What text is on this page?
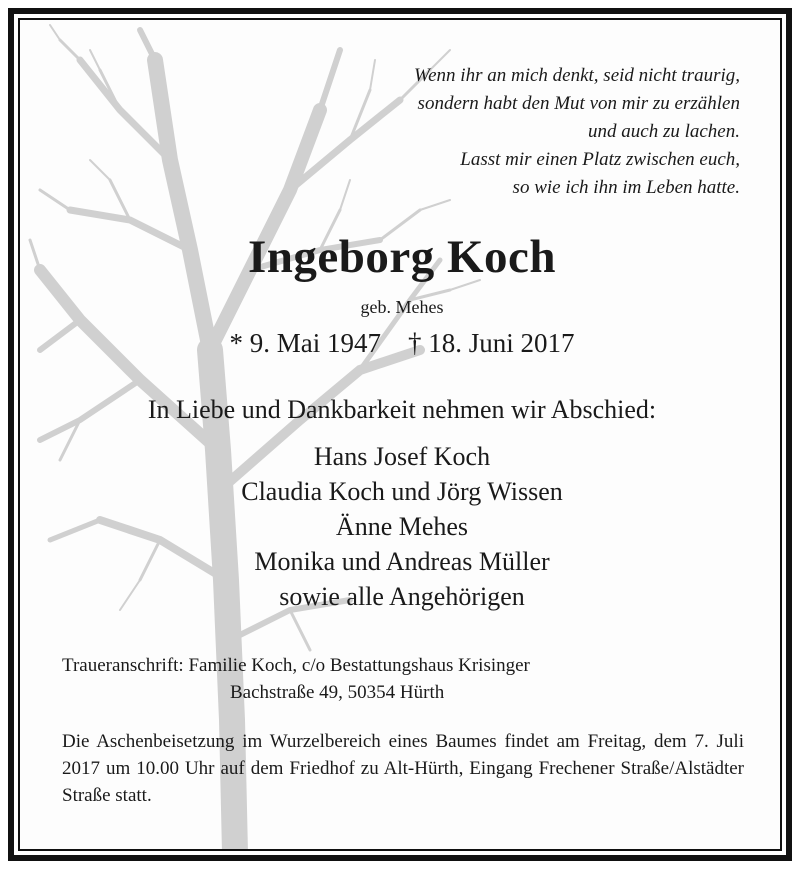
Wenn ihr an mich denkt, seid nicht traurig,
sondern habt den Mut von mir zu erzählen
und auch zu lachen.
Lasst mir einen Platz zwischen euch,
so wie ich ihn im Leben hatte.
Ingeborg Koch
geb. Mehes
* 9. Mai 1947    † 18. Juni 2017
In Liebe und Dankbarkeit nehmen wir Abschied:
Hans Josef Koch
Claudia Koch und Jörg Wissen
Änne Mehes
Monika und Andreas Müller
sowie alle Angehörigen
Traueranschrift: Familie Koch, c/o Bestattungshaus Krisinger
Bachstraße 49, 50354 Hürth
Die Aschenbeisetzung im Wurzelbereich eines Baumes findet am Freitag, dem 7. Juli 2017 um 10.00 Uhr auf dem Friedhof zu Alt-Hürth, Eingang Frechener Straße/Alstädter Straße statt.
